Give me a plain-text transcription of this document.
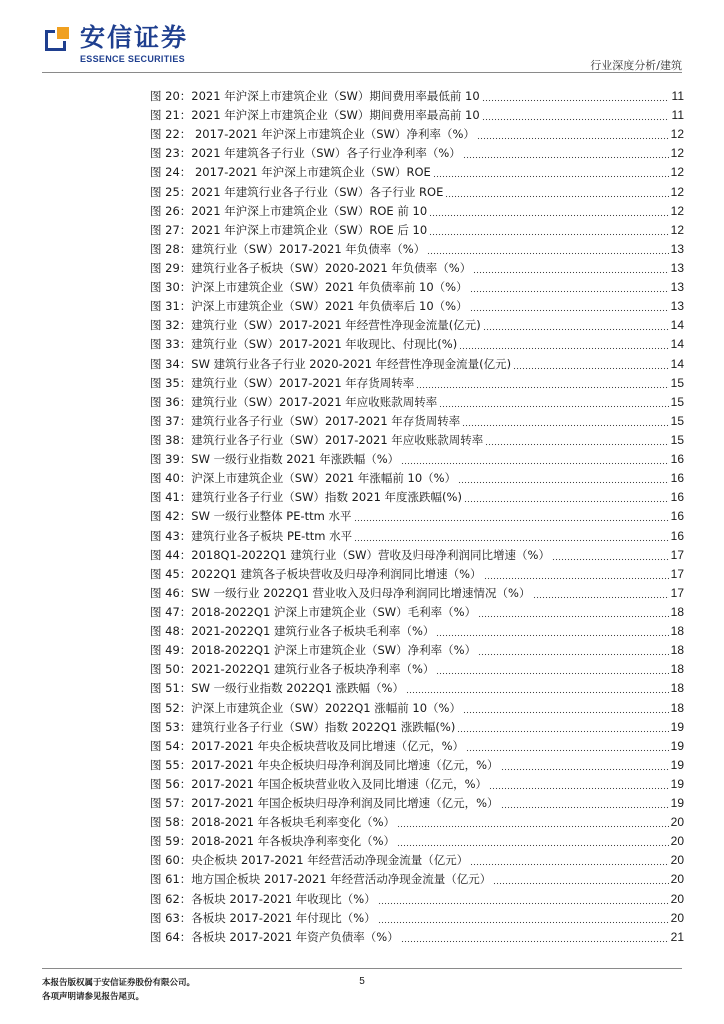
安信证券
ESSENCE SECURITIES	行业深度分析/建筑
图 20：2021 年沪深上市建筑企业（SW）期间费用率最低前 10	11
图 21：2021 年沪深上市建筑企业（SW）期间费用率最高前 10	11
图 22： 2017-2021 年沪深上市建筑企业（SW）净利率（%）	12
图 23：2021 年建筑各子行业（SW）各子行业净利率（%）	12
图 24： 2017-2021 年沪深上市建筑企业（SW）ROE	12
图 25：2021 年建筑行业各子行业（SW）各子行业 ROE	12
图 26：2021 年沪深上市建筑企业（SW）ROE 前 10	12
图 27：2021 年沪深上市建筑企业（SW）ROE 后 10	12
图 28：建筑行业（SW）2017-2021 年负债率（%）	13
图 29：建筑行业各子板块（SW）2020-2021 年负债率（%）	13
图 30：沪深上市建筑企业（SW）2021 年负债率前 10（%）	13
图 31：沪深上市建筑企业（SW）2021 年负债率后 10（%）	13
图 32：建筑行业（SW）2017-2021 年经营性净现金流量(亿元)	14
图 33：建筑行业（SW）2017-2021 年收现比、付现比(%)	14
图 34：SW 建筑行业各子行业 2020-2021 年经营性净现金流量(亿元)	14
图 35：建筑行业（SW）2017-2021 年存货周转率	15
图 36：建筑行业（SW）2017-2021 年应收账款周转率	15
图 37：建筑行业各子行业（SW）2017-2021 年存货周转率	15
图 38：建筑行业各子行业（SW）2017-2021 年应收账款周转率	15
图 39：SW 一级行业指数 2021 年涨跌幅（%）	16
图 40：沪深上市建筑企业（SW）2021 年涨幅前 10（%）	16
图 41：建筑行业各子行业（SW）指数 2021 年度涨跌幅(%)	16
图 42：SW 一级行业整体 PE-ttm 水平	16
图 43：建筑行业各子板块 PE-ttm 水平	16
图 44：2018Q1-2022Q1 建筑行业（SW）营收及归母净利润同比增速（%）	17
图 45：2022Q1 建筑各子板块营收及归母净利润同比增速（%）	17
图 46：SW 一级行业 2022Q1 营业收入及归母净利润同比增速情况（%）	17
图 47：2018-2022Q1 沪深上市建筑企业（SW）毛利率（%）	18
图 48：2021-2022Q1 建筑行业各子板块毛利率（%）	18
图 49：2018-2022Q1 沪深上市建筑企业（SW）净利率（%）	18
图 50：2021-2022Q1 建筑行业各子板块净利率（%）	18
图 51：SW 一级行业指数 2022Q1 涨跌幅（%）	18
图 52：沪深上市建筑企业（SW）2022Q1 涨幅前 10（%）	18
图 53：建筑行业各子行业（SW）指数 2022Q1 涨跌幅(%)	19
图 54：2017-2021 年央企板块营收及同比增速（亿元，%）	19
图 55：2017-2021 年央企板块归母净利润及同比增速（亿元，%）	19
图 56：2017-2021 年国企板块营业收入及同比增速（亿元，%）	19
图 57：2017-2021 年国企板块归母净利润及同比增速（亿元，%）	19
图 58：2018-2021 年各板块毛利率变化（%）	20
图 59：2018-2021 年各板块净利率变化（%）	20
图 60：央企板块 2017-2021 年经营活动净现金流量（亿元）	20
图 61：地方国企板块 2017-2021 年经营活动净现金流量（亿元）	20
图 62：各板块 2017-2021 年收现比（%）	20
图 63：各板块 2017-2021 年付现比（%）	20
图 64：各板块 2017-2021 年资产负债率（%）	21
本报告版权属于安信证券股份有限公司。
各项声明请参见报告尾页。
5
